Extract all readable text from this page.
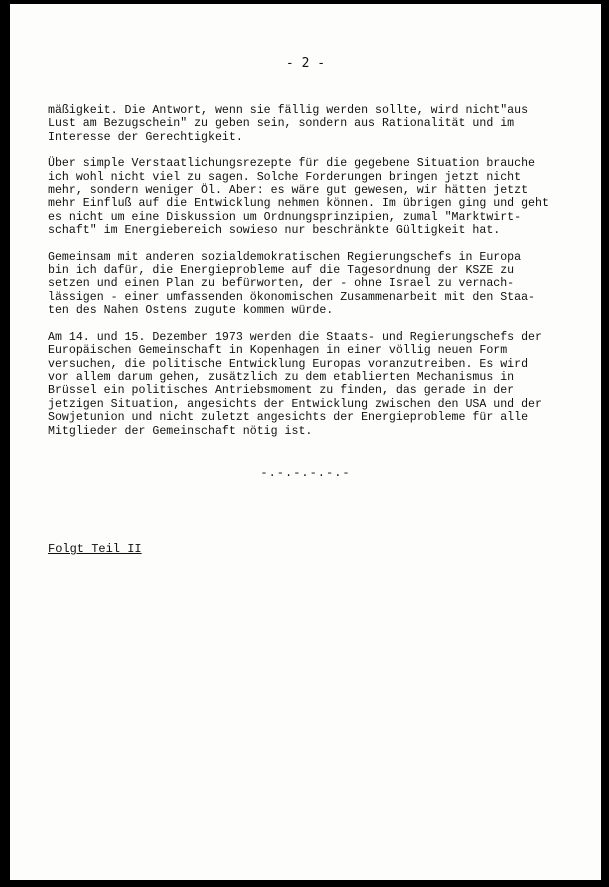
- 2 -
mäßigkeit. Die Antwort, wenn sie fällig werden sollte, wird nicht"aus
Lust am Bezugschein" zu geben sein, sondern aus Rationalität und im
Interesse der Gerechtigkeit.
Über simple Verstaatlichungsrezepte für die gegebene Situation brauche
ich wohl nicht viel zu sagen. Solche Forderungen bringen jetzt nicht
mehr, sondern weniger Öl. Aber: es wäre gut gewesen, wir hätten jetzt
mehr Einfluß auf die Entwicklung nehmen können. Im übrigen ging und geht
es nicht um eine Diskussion um Ordnungsprinzipien, zumal "Marktwirt-
schaft" im Energiebereich sowieso nur beschränkte Gültigkeit hat.
Gemeinsam mit anderen sozialdemokratischen Regierungschefs in Europa
bin ich dafür, die Energieprobleme auf die Tagesordnung der KSZE zu
setzen und einen Plan zu befürworten, der - ohne Israel zu vernach-
lässigen - einer umfassenden ökonomischen Zusammenarbeit mit den Staa-
ten des Nahen Ostens zugute kommen würde.
Am 14. und 15. Dezember 1973 werden die Staats- und Regierungschefs der
Europäischen Gemeinschaft in Kopenhagen in einer völlig neuen Form
versuchen, die politische Entwicklung Europas voranzutreiben. Es wird
vor allem darum gehen, zusätzlich zu dem etablierten Mechanismus in
Brüssel ein politisches Antriebsmoment zu finden, das gerade in der
jetzigen Situation, angesichts der Entwicklung zwischen den USA und der
Sowjetunion und nicht zuletzt angesichts der Energieprobleme für alle
Mitglieder der Gemeinschaft nötig ist.
-.-.-.-.-.-
Folgt Teil II
